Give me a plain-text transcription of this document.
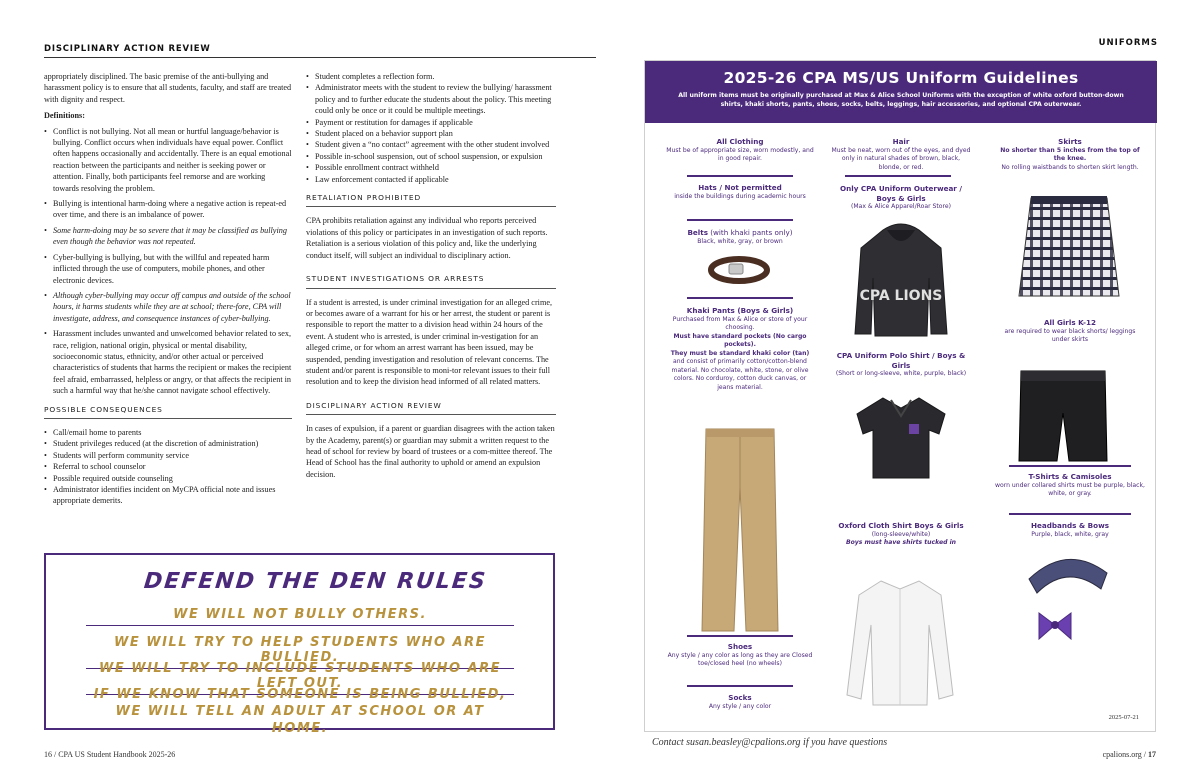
DISCIPLINARY ACTION REVIEW

appropriately disciplined. The basic premise of the anti-bullying and harassment policy is to ensure that all students, faculty, and staff are treated with dignity and respect.

Definitions:
• Conflict is not bullying. Not all mean or hurtful language/behavior is bullying. Conflict occurs when individuals have equal power. Conflict often happens occasionally and accidentally. There is an equal emotional reaction between the participants and neither is seeking power or attention. Finally, both participants feel remorse and are working towards resolving the problem.
• Bullying is intentional harm-doing where a negative action is repeat-ed over time, and there is an imbalance of power.
• Some harm-doing may be so severe that it may be classified as bullying even though the behavior was not repeated.
• Cyber-bullying is bullying, but with the willful and repeated harm inflicted through the use of computers, mobile phones, and other electronic devices.
• Although cyber-bullying may occur off campus and outside of the school hours, it harms students while they are at school; there-fore, CPA will investigate, address, and consequence instances of cyber-bullying.
• Harassment includes unwanted and unwelcomed behavior related to sex, race, religion, national origin, physical or mental disability, socioeconomic status, ethnicity, and/or other actual or perceived characteristics of students that harms the recipient or makes the recipient feel afraid, embarrassed, helpless or angry, or that affects the recipient in such a harmful way that he/she cannot navigate school effectively.
POSSIBLE CONSEQUENCES
• Call/email home to parents
• Student privileges reduced (at the discretion of administration)
• Students will perform community service
• Referral to school counselor
• Possible required outside counseling
• Administrator identifies incident on MyCPA official note and issues appropriate demerits.
• Student completes a reflection form.
• Administrator meets with the student to review the bullying/ harassment policy and to further educate the students about the policy. This meeting could only be once or it could be multiple meetings.
• Payment or restitution for damages if applicable
• Student placed on a behavior support plan
• Student given a “no contact” agreement with the other student involved
• Possible in-school suspension, out of school suspension, or expulsion
• Possible enrollment contract withheld
• Law enforcement contacted if applicable
RETALIATION PROHIBITED

CPA prohibits retaliation against any individual who reports perceived violations of this policy or participates in an investigation of such reports. Retaliation is a serious violation of this policy and, like the underlying conduct itself, will subject an individual to disciplinary action.

STUDENT INVESTIGATIONS OR ARRESTS

If a student is arrested, is under criminal investigation for an alleged crime, or becomes aware of a warrant for his or her arrest, the student or parent is responsible to report the matter to a division head within 24 hours of the event. A student who is arrested, is under criminal in-vestigation for an alleged crime, or for whom an arrest warrant has been issued, may be suspended, pending investigation and resolution of relevant concerns. The student and/or parent is responsible to moni-tor relevant issues to their full resolution and to keep the division head informed of all related matters.

DISCIPLINARY ACTION REVIEW

In cases of expulsion, if a parent or guardian disagrees with the action taken by the Academy, parent(s) or guardian may submit a written request to the head of school for review by board of trustees or a com-mittee thereof. The Head of School has the final authority to uphold or amend an expulsion decision.

DEFEND THE DEN RULES
WE WILL NOT BULLY OTHERS.
WE WILL TRY TO HELP STUDENTS WHO ARE BULLIED.
WE WILL TRY TO INCLUDE STUDENTS WHO ARE LEFT OUT.
IF WE KNOW THAT SOMEONE IS BEING BULLIED,
WE WILL TELL AN ADULT AT SCHOOL OR AT HOME.
16 / CPA US Student Handbook 2025-26
UNIFORMS
2025-26 CPA MS/US Uniform Guidelines
All uniform items must be originally purchased at Max & Alice School Uniforms with the exception of white oxford button-down shirts, khaki shorts, pants, shoes, socks, belts, leggings, hair accessories, and optional CPA outerwear.
All Clothing
Must be of appropriate size, worn modestly, and in good repair.
Hats / Not permitted
inside the buildings during academic hours
Belts (with khaki pants only)
Black, white, gray, or brown
Khaki Pants (Boys & Girls)
Purchased from Max & Alice or store of your choosing.
Must have standard pockets (No cargo pockets).
They must be standard khaki color (tan) and consist of primarily cotton/cotton-blend material. No chocolate, white, stone, or olive colors. No corduroy, cotton duck canvas, or jeans material.
Shoes
Any style / any color as long as they are Closed toe/closed heel (no wheels)
Socks
Any style / any color
Hair
Must be neat, worn out of the eyes, and dyed only in natural shades of brown, black, blonde, or red.
Only CPA Uniform Outerwear / Boys & Girls
(Max & Alice Apparel/Roar Store)
CPA LIONS
CPA Uniform Polo Shirt / Boys & Girls
(Short or long-sleeve, white, purple, black)
Oxford Cloth Shirt Boys & Girls
(long-sleeve/white)
Boys must have shirts tucked in
Skirts
No shorter than 5 inches from the top of the knee.
No rolling waistbands to shorten skirt length.
All Girls K-12
are required to wear black shorts/ leggings under skirts
T-Shirts & Camisoles
worn under collared shirts must be purple, black, white, or gray.
Headbands & Bows
Purple, black, white, gray
2025-07-21
Contact susan.beasley@cpalions.org if you have questions
cpalions.org / 17
